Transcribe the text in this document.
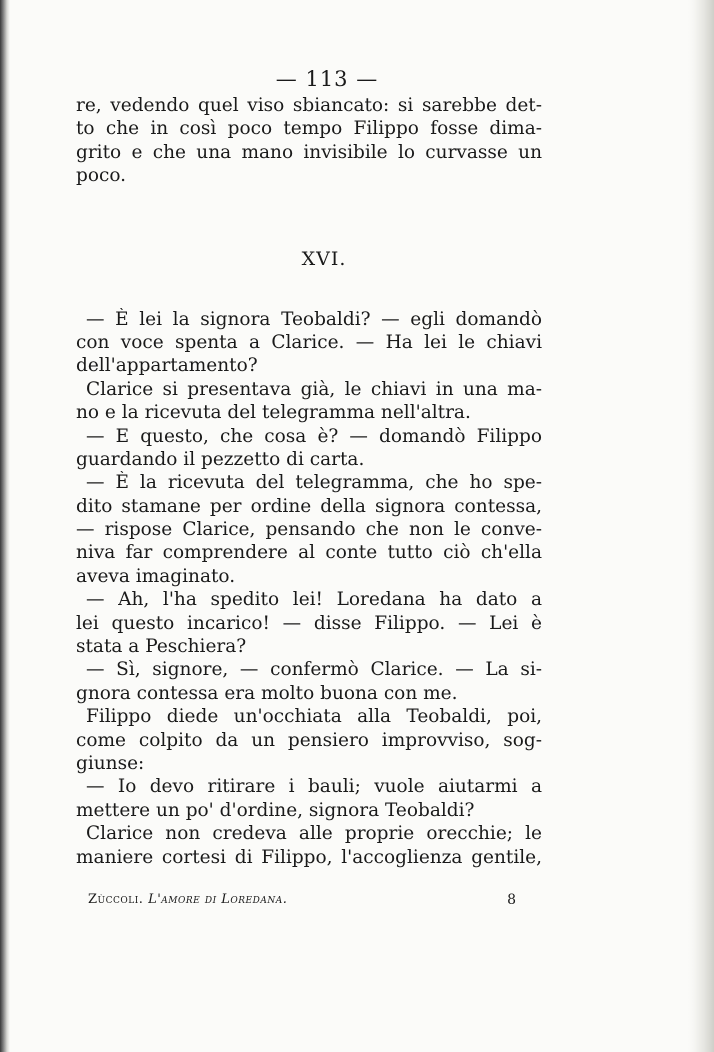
— 113 —
re, vedendo quel viso sbiancato: si sarebbe det-
to che in così poco tempo Filippo fosse dima-
grito e che una mano invisibile lo curvasse un
poco.
XVI.
— È lei la signora Teobaldi? — egli domandò
con voce spenta a Clarice. — Ha lei le chiavi
dell'appartamento?
Clarice si presentava già, le chiavi in una ma-
no e la ricevuta del telegramma nell'altra.
— E questo, che cosa è? — domandò Filippo
guardando il pezzetto di carta.
— È la ricevuta del telegramma, che ho spe-
dito stamane per ordine della signora contessa,
— rispose Clarice, pensando che non le conve-
niva far comprendere al conte tutto ciò ch'ella
aveva imaginato.
— Ah, l'ha spedito lei! Loredana ha dato a
lei questo incarico! — disse Filippo. — Lei è
stata a Peschiera?
— Sì, signore, — confermò Clarice. — La si-
gnora contessa era molto buona con me.
Filippo diede un'occhiata alla Teobaldi, poi,
come colpito da un pensiero improvviso, sog-
giunse:
— Io devo ritirare i bauli; vuole aiutarmi a
mettere un po' d'ordine, signora Teobaldi?
Clarice non credeva alle proprie orecchie; le
maniere cortesi di Filippo, l'accoglienza gentile,
Zùccoli. L'amore di Loredana.	8
